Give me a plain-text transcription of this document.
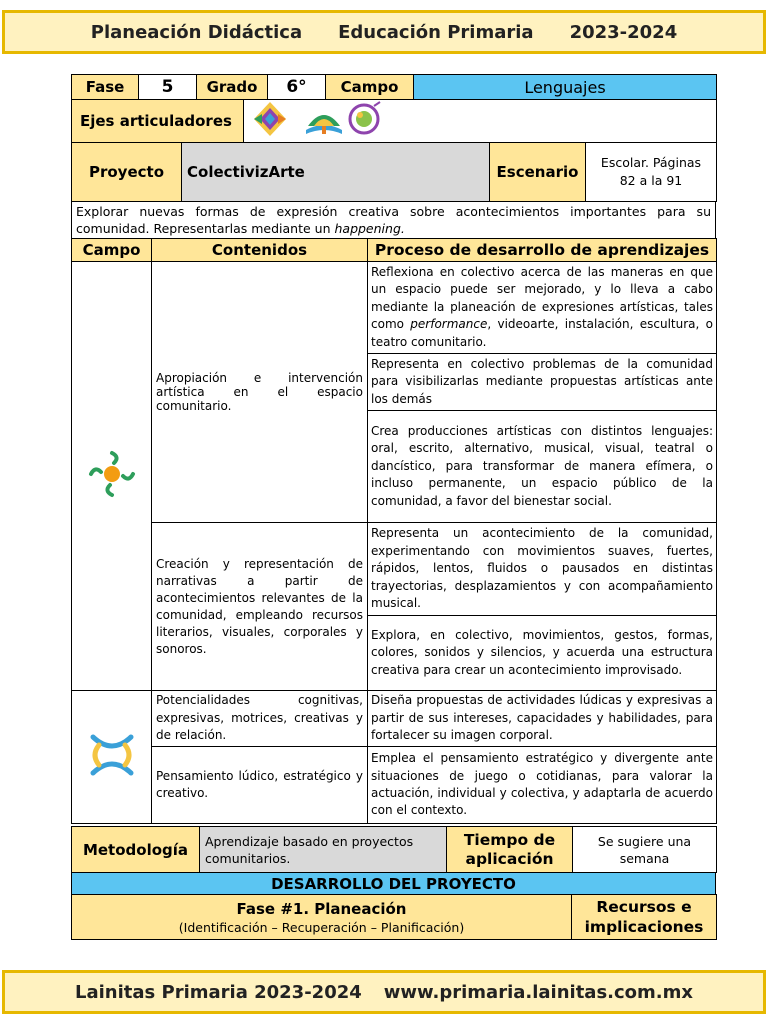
Planeación Didáctica Educación Primaria 2023-2024
Fase	5	Grado	6°	Campo	Lenguajes
Ejes articuladores	
Proyecto	ColectivizArte	Escenario	Escolar. Páginas 82 a la 91
Explorar nuevas formas de expresión creativa sobre acontecimientos importantes para su comunidad. Representarlas mediante un happening.
Campo	Contenidos	Proceso de desarrollo de aprendizajes
	Apropiación e intervención artística en el espacio comunitario.	Reflexiona en colectivo acerca de las maneras en que un espacio puede ser mejorado, y lo lleva a cabo mediante la planeación de expresiones artísticas, tales como performance, videoarte, instalación, escultura, o teatro comunitario.
		Representa en colectivo problemas de la comunidad para visibilizarlas mediante propuestas artísticas ante los demás
		Crea producciones artísticas con distintos lenguajes: oral, escrito, alternativo, musical, visual, teatral o dancístico, para transformar de manera efímera, o incluso permanente, un espacio público de la comunidad, a favor del bienestar social.
	Creación y representación de narrativas a partir de acontecimientos relevantes de la comunidad, empleando recursos literarios, visuales, corporales y sonoros.	Representa un acontecimiento de la comunidad, experimentando con movimientos suaves, fuertes, rápidos, lentos, fluidos o pausados en distintas trayectorias, desplazamientos y con acompañamiento musical.
		Explora, en colectivo, movimientos, gestos, formas, colores, sonidos y silencios, y acuerda una estructura creativa para crear un acontecimiento improvisado.
	Potencialidades cognitivas, expresivas, motrices, creativas y de relación.	Diseña propuestas de actividades lúdicas y expresivas a partir de sus intereses, capacidades y habilidades, para fortalecer su imagen corporal.
	Pensamiento lúdico, estratégico y creativo.	Emplea el pensamiento estratégico y divergente ante situaciones de juego o cotidianas, para valorar la actuación, individual y colectiva, y adaptarla de acuerdo con el contexto.
Metodología	Aprendizaje basado en proyectos comunitarios.	Tiempo de aplicación	Se sugiere una semana
DESARROLLO DEL PROYECTO
Fase #1. Planeación
(Identificación – Recuperación – Planificación)
	Recursos e implicaciones
Lainitas Primaria 2023-2024 www.primaria.lainitas.com.mx
